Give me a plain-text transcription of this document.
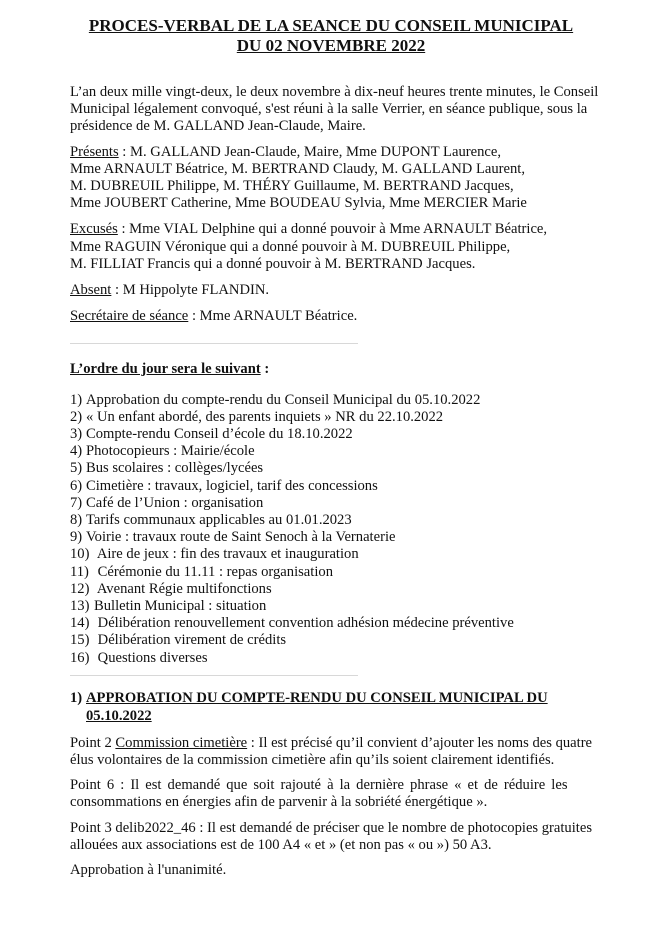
PROCES-VERBAL DE LA SEANCE DU CONSEIL MUNICIPAL
DU 02 NOVEMBRE 2022
L’an deux mille vingt-deux, le deux novembre à dix-neuf heures trente minutes, le Conseil
Municipal légalement convoqué, s'est réuni à la salle Verrier, en séance publique, sous la
présidence de M. GALLAND Jean-Claude, Maire.
Présents : M. GALLAND Jean-Claude, Maire, Mme DUPONT Laurence,
Mme ARNAULT Béatrice, M. BERTRAND Claudy, M. GALLAND Laurent,
M. DUBREUIL Philippe, M. THÉRY Guillaume, M. BERTRAND Jacques,
Mme JOUBERT Catherine, Mme BOUDEAU Sylvia, Mme MERCIER Marie
Excusés : Mme VIAL Delphine qui a donné pouvoir à Mme ARNAULT Béatrice,
Mme RAGUIN Véronique qui a donné pouvoir à M. DUBREUIL Philippe,
M. FILLIAT Francis qui a donné pouvoir à M. BERTRAND Jacques.
Absent : M Hippolyte FLANDIN.
Secrétaire de séance : Mme ARNAULT Béatrice.
L’ordre du jour sera le suivant :
1) Approbation du compte-rendu du Conseil Municipal du 05.10.2022
2) « Un enfant abordé, des parents inquiets » NR du 22.10.2022
3) Compte-rendu Conseil d’école du 18.10.2022
4) Photocopieurs : Mairie/école
5) Bus scolaires : collèges/lycées
6) Cimetière : travaux, logiciel, tarif des concessions
7) Café de l’Union : organisation
8) Tarifs communaux applicables au 01.01.2023
9) Voirie : travaux route de Saint Senoch à la Vernaterie
10) Aire de jeux : fin des travaux et inauguration
11) Cérémonie du 11.11 : repas organisation
12) Avenant Régie multifonctions
13) Bulletin Municipal : situation
14) Délibération renouvellement convention adhésion médecine préventive
15) Délibération virement de crédits
16) Questions diverses
1) APPROBATION DU COMPTE-RENDU DU CONSEIL MUNICIPAL DU
05.10.2022
Point 2 Commission cimetière : Il est précisé qu’il convient d’ajouter les noms des quatre
élus volontaires de la commission cimetière afin qu’ils soient clairement identifiés.
Point 6 : Il est demandé que soit rajouté à la dernière phrase « et de réduire les
consommations en énergies afin de parvenir à la sobriété énergétique ».
Point 3 delib2022_46 : Il est demandé de préciser que le nombre de photocopies gratuites
allouées aux associations est de 100 A4 « et » (et non pas « ou ») 50 A3.
Approbation à l'unanimité.
